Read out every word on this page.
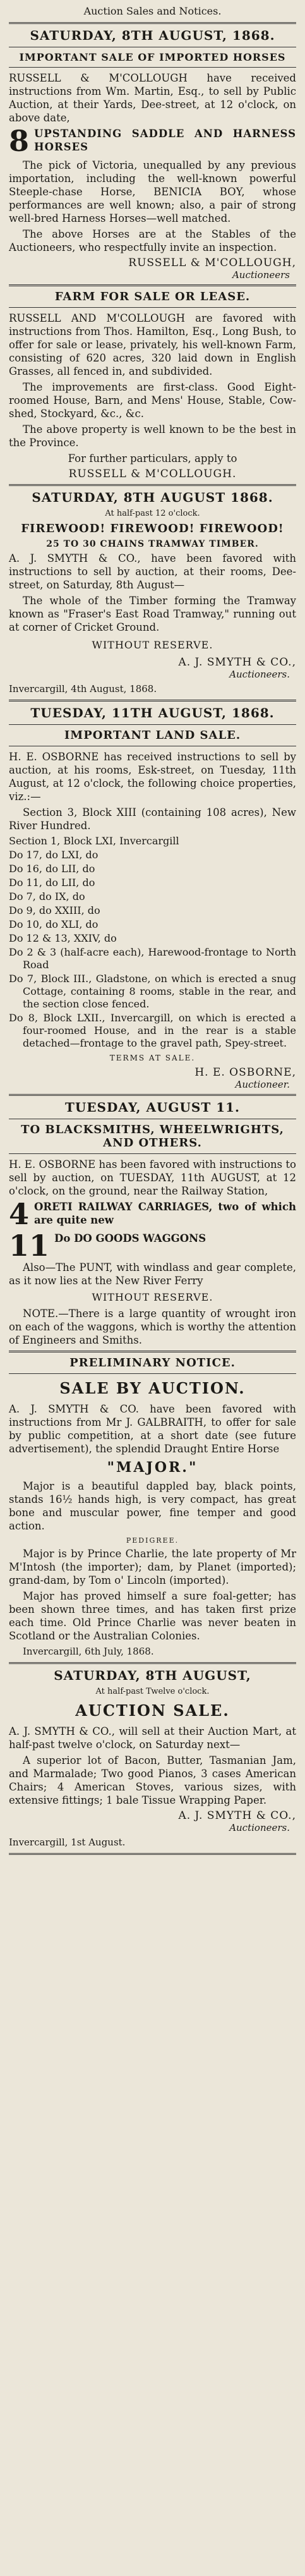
Auction Sales and Notices.
SATURDAY, 8TH AUGUST, 1868.
IMPORTANT SALE OF IMPORTED HORSES

RUSSELL & M'COLLOUGH have received instructions from Wm. Martin, Esq., to sell by Public Auction, at their Yards, Dee-street, at 12 o'clock, on above date,

8 UPSTANDING SADDLE AND HARNESS HORSES

The pick of Victoria, unequalled by any previous importation, including the well-known powerful Steeple-chase Horse, BENICIA BOY, whose performances are well known; also, a pair of strong well-bred Harness Horses—well matched.

The above Horses are at the Stables of the Auctioneers, who respectfully invite an inspection.

RUSSELL & M'COLLOUGH,
Auctioneers
FARM FOR SALE OR LEASE.

RUSSELL AND M'COLLOUGH are favored with instructions from Thos. Hamilton, Esq., Long Bush, to offer for sale or lease, privately, his well-known Farm, consisting of 620 acres, 320 laid down in English Grasses, all fenced in, and subdivided.

The improvements are first-class. Good Eight-roomed House, Barn, and Mens' House, Stable, Cow-shed, Stockyard, &c., &c.

The above property is well known to be the best in the Province.

For further particulars, apply to

RUSSELL & M'COLLOUGH.
SATURDAY, 8TH AUGUST 1868.
At half-past 12 o'clock.
FIREWOOD! FIREWOOD! FIREWOOD!
25 TO 30 CHAINS TRAMWAY TIMBER.

A. J. SMYTH & CO., have been favored with instructions to sell by auction, at their rooms, Dee-street, on Saturday, 8th August—

The whole of the Timber forming the Tramway known as "Fraser's East Road Tramway," running out at corner of Cricket Ground.

WITHOUT RESERVE.
A. J. SMYTH & CO.,
Auctioneers.

Invercargill, 4th August, 1868.

TUESDAY, 11TH AUGUST, 1868.
IMPORTANT LAND SALE.

H. E. OSBORNE has received instructions to sell by auction, at his rooms, Esk-street, on Tuesday, 11th August, at 12 o'clock, the following choice properties, viz.:—

Section 3, Block XIII (containing 108 acres), New River Hundred.

Section 1, Block LXI, Invercargill
Do 17, do LXI, do
Do 16, do LII, do
Do 11, do LII, do
Do 7, do IX, do
Do 9, do XXIII, do
Do 10, do XLI, do
Do 12 & 13, XXIV, do
Do 2 & 3 (half-acre each), Harewood-frontage to North Road
Do 7, Block III., Gladstone, on which is erected a snug Cottage, containing 8 rooms, stable in the rear, and the section close fenced.
Do 8, Block LXII., Invercargill, on which is erected a four-roomed House, and in the rear is a stable detached—frontage to the gravel path, Spey-street.
TERMS AT SALE.
H. E. OSBORNE,
Auctioneer.
TUESDAY, AUGUST 11.
TO BLACKSMITHS, WHEELWRIGHTS, AND OTHERS.

H. E. OSBORNE has been favored with instructions to sell by auction, on TUESDAY, 11th AUGUST, at 12 o'clock, on the ground, near the Railway Station,

4 ORETI RAILWAY CARRIAGES, two of which are quite new

11 Do DO GOODS WAGGONS

Also—The PUNT, with windlass and gear complete, as it now lies at the New River Ferry

WITHOUT RESERVE.

NOTE.—There is a large quantity of wrought iron on each of the waggons, which is worthy the attention of Engineers and Smiths.

PRELIMINARY NOTICE.
SALE BY AUCTION.

A. J. SMYTH & CO. have been favored with instructions from Mr J. GALBRAITH, to offer for sale by public competition, at a short date (see future advertisement), the splendid Draught Entire Horse

"MAJOR."

Major is a beautiful dappled bay, black points, stands 16½ hands high, is very compact, has great bone and muscular power, fine temper and good action.

PEDIGREE.

Major is by Prince Charlie, the late property of Mr M'Intosh (the importer); dam, by Planet (imported); grand-dam, by Tom o' Lincoln (imported).

Major has proved himself a sure foal-getter; has been shown three times, and has taken first prize each time. Old Prince Charlie was never beaten in Scotland or the Australian Colonies.

Invercargill, 6th July, 1868.

SATURDAY, 8TH AUGUST,
At half-past Twelve o'clock.
AUCTION SALE.

A. J. SMYTH & CO., will sell at their Auction Mart, at half-past twelve o'clock, on Saturday next—

A superior lot of Bacon, Butter, Tasmanian Jam, and Marmalade; Two good Pianos, 3 cases American Chairs; 4 American Stoves, various sizes, with extensive fittings; 1 bale Tissue Wrapping Paper.

A. J. SMYTH & CO.,
Auctioneers.

Invercargill, 1st August.
